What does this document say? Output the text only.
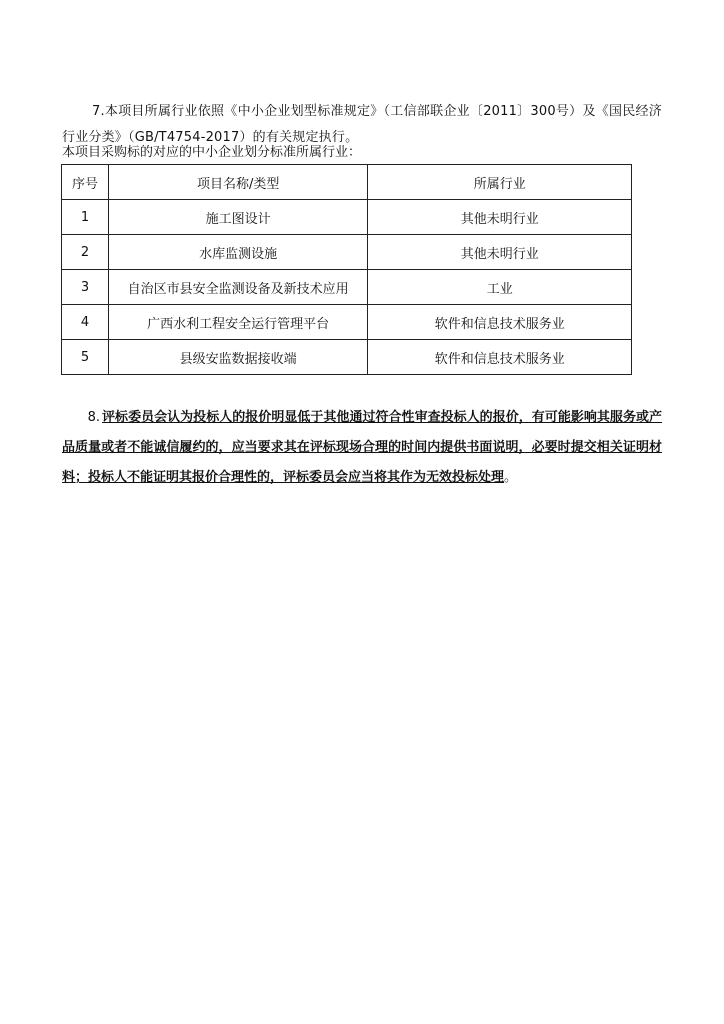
7.本项目所属行业依照《中小企业划型标准规定》（工信部联企业〔2011〕300号）及《国民经济行业分类》（GB/T4754-2017）的有关规定执行。

本项目采购标的对应的中小企业划分标准所属行业：
序号	项目名称/类型	所属行业
1	施工图设计	其他未明行业
2	水库监测设施	其他未明行业
3	自治区市县安全监测设备及新技术应用	工业
4	广西水利工程安全运行管理平台	软件和信息技术服务业
5	县级安监数据接收端	软件和信息技术服务业

8. 评标委员会认为投标人的报价明显低于其他通过符合性审查投标人的报价，有可能影响其服务或产品质量或者不能诚信履约的，应当要求其在评标现场合理的时间内提供书面说明，必要时提交相关证明材料；投标人不能证明其报价合理性的，评标委员会应当将其作为无效投标处理。
